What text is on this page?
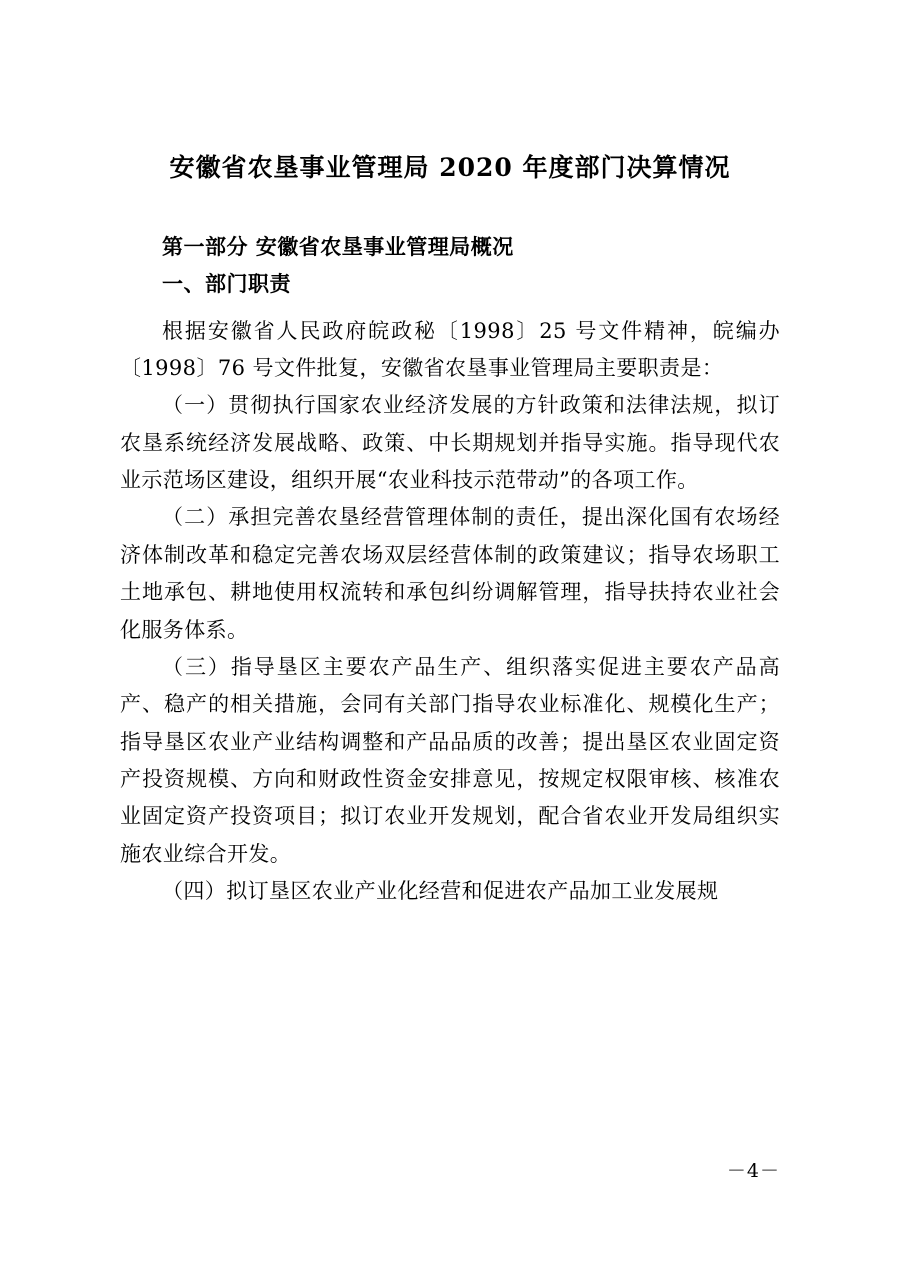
安徽省农垦事业管理局 2020 年度部门决算情况

第一部分 安徽省农垦事业管理局概况

一、部门职责

根据安徽省人民政府皖政秘〔1998〕25 号文件精神，皖编办〔1998〕76 号文件批复，安徽省农垦事业管理局主要职责是：

（一）贯彻执行国家农业经济发展的方针政策和法律法规，拟订农垦系统经济发展战略、政策、中长期规划并指导实施。指导现代农业示范场区建设，组织开展“农业科技示范带动”的各项工作。

（二）承担完善农垦经营管理体制的责任，提出深化国有农场经济体制改革和稳定完善农场双层经营体制的政策建议；指导农场职工土地承包、耕地使用权流转和承包纠纷调解管理，指导扶持农业社会化服务体系。

（三）指导垦区主要农产品生产、组织落实促进主要农产品高产、稳产的相关措施，会同有关部门指导农业标准化、规模化生产；指导垦区农业产业结构调整和产品品质的改善；提出垦区农业固定资产投资规模、方向和财政性资金安排意见，按规定权限审核、核准农业固定资产投资项目；拟订农业开发规划，配合省农业开发局组织实施农业综合开发。

（四）拟订垦区农业产业化经营和促进农产品加工业发展规

－4－
